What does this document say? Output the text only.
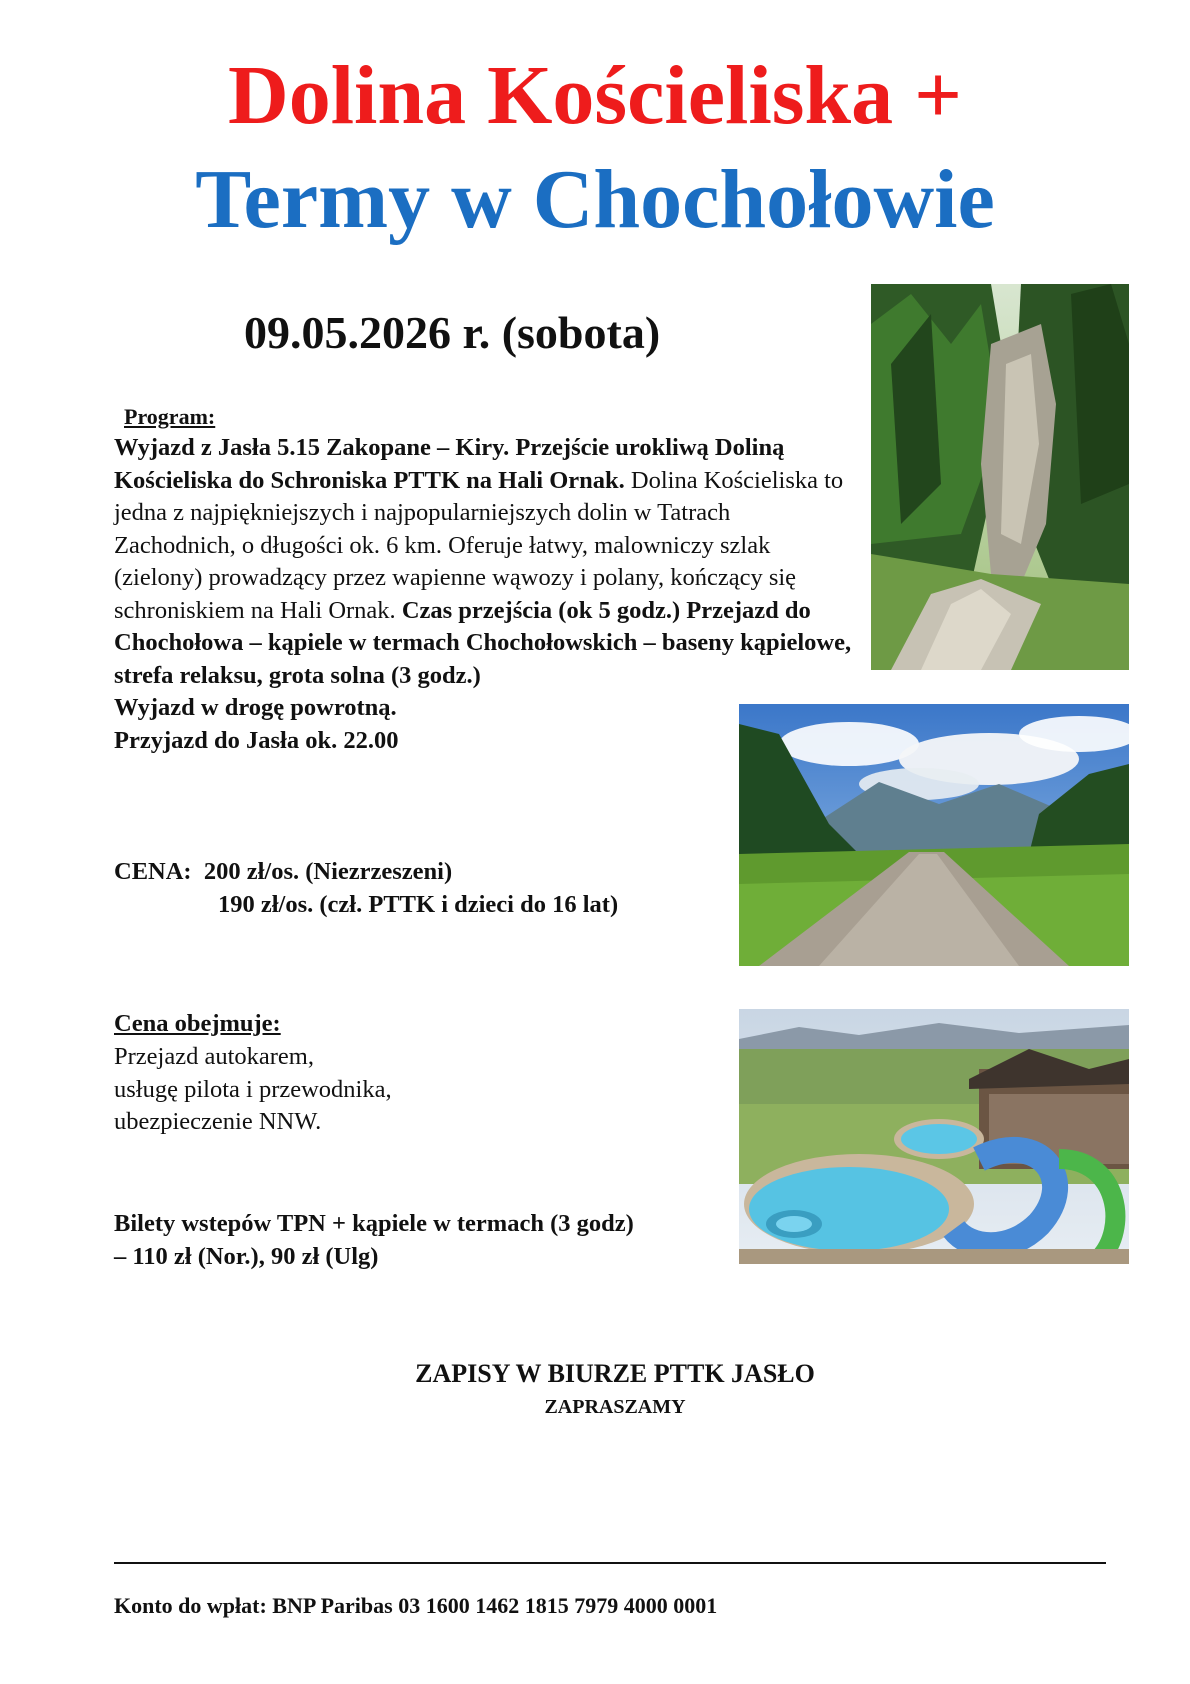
Dolina Kościeliska +
Termy w Chochołowie
09.05.2026 r. (sobota)
Program:
Wyjazd z Jasła 5.15 Zakopane – Kiry. Przejście urokliwą Doliną Kościeliska do Schroniska PTTK na Hali Ornak. Dolina Kościeliska to jedna z najpiękniejszych i najpopularniejszych dolin w Tatrach Zachodnich, o długości ok. 6 km. Oferuje łatwy, malowniczy szlak (zielony) prowadzący przez wapienne wąwozy i polany, kończący się schroniskiem na Hali Ornak. Czas przejścia (ok 5 godz.) Przejazd do Chochołowa – kąpiele w termach Chochołowskich – baseny kąpielowe, strefa relaksu, grota solna (3 godz.)
Wyjazd w drogę powrotną.
Przyjazd do Jasła ok. 22.00
CENA: 200 zł/os. (Niezrzeszeni)
190 zł/os. (czł. PTTK i dzieci do 16 lat)
Cena obejmuje:
Przejazd autokarem,
usługę pilota i przewodnika,
ubezpieczenie NNW.
Bilety wstepów TPN + kąpiele w termach (3 godz)
– 110 zł (Nor.), 90 zł (Ulg)
ZAPISY W BIURZE PTTK JASŁO
ZAPRASZAMY
Konto do wpłat: BNP Paribas 03 1600 1462 1815 7979 4000 0001
